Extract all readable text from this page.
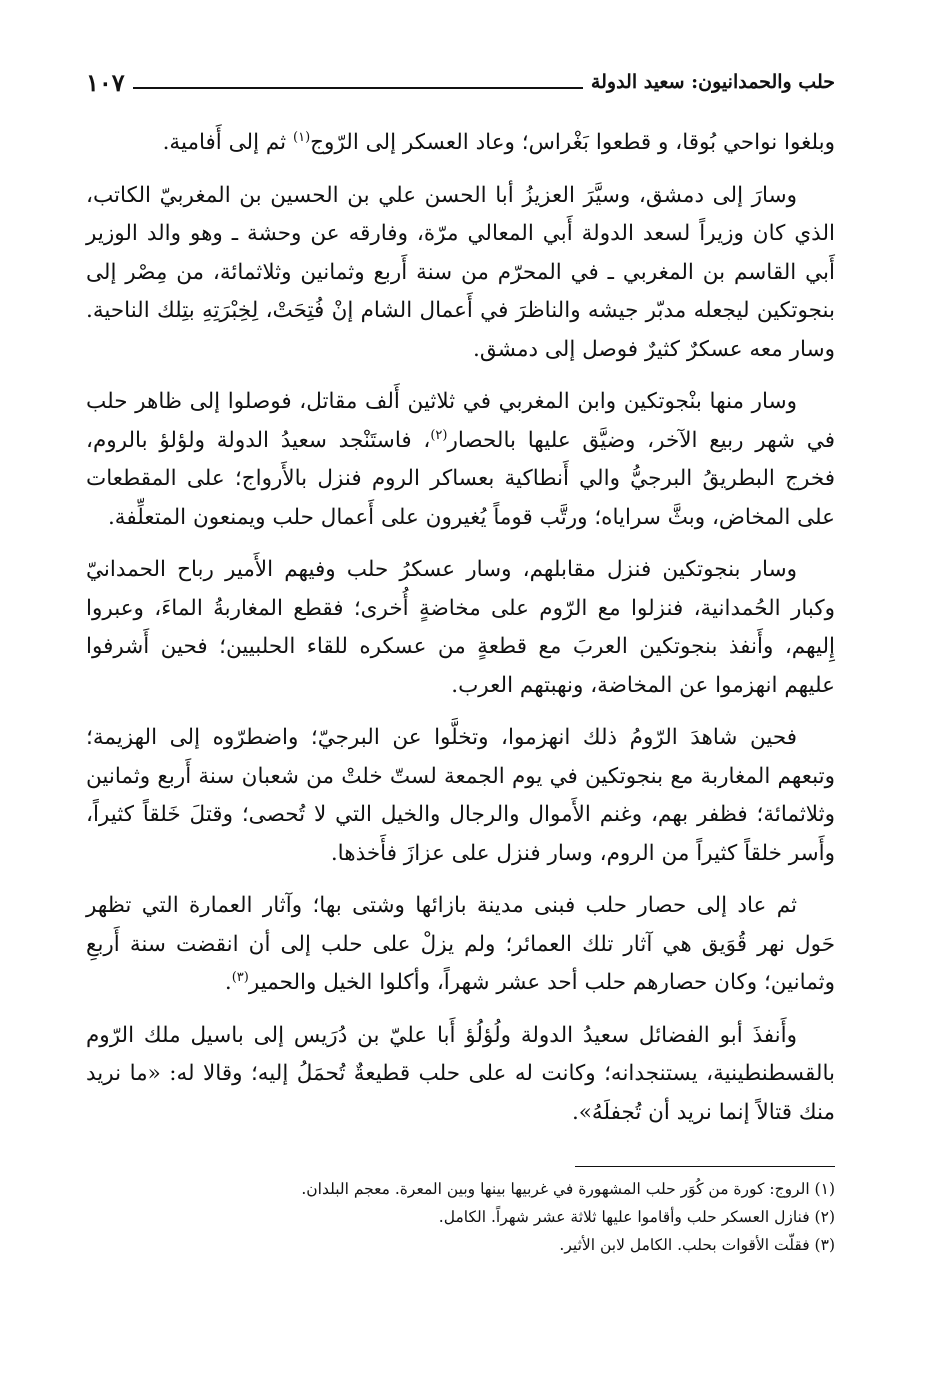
حلب والحمدانيون: سعيد الدولة
١٠٧

وبلغوا نواحي بُوقا، و قطعوا بَغْراس؛ وعاد العسكر إلى الرّوج$^{(١)}$ ثم إلى أَفامية.

وسارَ إلى دمشق، وسيَّرَ العزيزُ أبا الحسن علي بن الحسين بن المغربيّ الكاتب، الذي كان وزيراً لسعد الدولة أَبي المعالي مرّة، وفارقه عن وحشة ـ وهو والد الوزير أَبي القاسم بن المغربي ـ في المحرّم من سنة أَربع وثمانين وثلاثمائة، من مِصْر إلى بنجوتكين ليجعله مدبّر جيشه والناظرَ في أَعمال الشام إنْ فُتِحَتْ، لِخِبْرَتِهِ بتِلك الناحية. وسار معه عسكرٌ كثيرٌ فوصل إلى دمشق.

وسار منها بنْجوتكين وابن المغربي في ثلاثين أَلف مقاتل، فوصلوا إلى ظاهر حلب في شهر ربيع الآخر، وضيَّق عليها بالحصار$^{(٢)}$، فاستَنْجد سعيدُ الدولة ولؤلؤ بالروم، فخرج البطريقُ البرجيُّ والي أَنطاكية بعساكر الروم فنزل بالأَرواج؛ على المقطعات على المخاض، وبثَّ سراياه؛ ورتَّب قوماً يُغيرون على أَعمال حلب ويمنعون المتعلِّفة.

وسار بنجوتكين فنزل مقابلهم، وسار عسكرُ حلب وفيهم الأَمير رباح الحمدانيّ وكبار الحُمدانية، فنزلوا مع الرّوم على مخاضةٍ أُخرى؛ فقطع المغاربةُ الماءَ، وعبروا إِليهم، وأَنفذ بنجوتكين العربَ مع قطعةٍ من عسكره للقاء الحلبيين؛ فحين أَشرفوا عليهم انهزموا عن المخاضة، ونهبتهم العرب.

فحين شاهدَ الرّومُ ذلك انهزموا، وتخلَّوا عن البرجيّ؛ واضطرّوه إلى الهزيمة؛ وتبعهم المغاربة مع بنجوتكين في يوم الجمعة لستّ خلتْ من شعبان سنة أَربع وثمانين وثلاثمائة؛ فظفر بهم، وغنم الأَموال والرجال والخيل التي لا تُحصى؛ وقتلَ خَلقاً كثيراً، وأَسر خلقاً كثيراً من الروم، وسار فنزل على عزازَ فأَخذها.

ثم عاد إلى حصار حلب فبنى مدينة بازائها وشتى بها؛ وآثار العمارة التي تظهر حَول نهر قُوَيق هي آثار تلك العمائر؛ ولم يزلْ على حلب إلى أن انقضت سنة أَربعِ وثمانين؛ وكان حصارهم حلب أحد عشر شهراً، وأكلوا الخيل والحمير$^{(٣)}$.

وأَنفذَ أبو الفضائل سعيدُ الدولة ولُؤلُؤ أَبا عليّ بن دُرَيس إلى باسيل ملك الرّوم بالقسطنطينية، يستنجدانه؛ وكانت له على حلب قطيعةٌ تُحمَلُ إليه؛ وقالا له: «ما نريد منك قتالاً إنما نريد أن تُجفلَهُ».

(١) الروج: كورة من كُوَر حلب المشهورة في غربيها بينها وبين المعرة. معجم البلدان.

(٢) فنازل العسكر حلب وأقاموا عليها ثلاثة عشر شهراً. الكامل.

(٣) فقلّت الأقوات بحلب. الكامل لابن الأثير.
